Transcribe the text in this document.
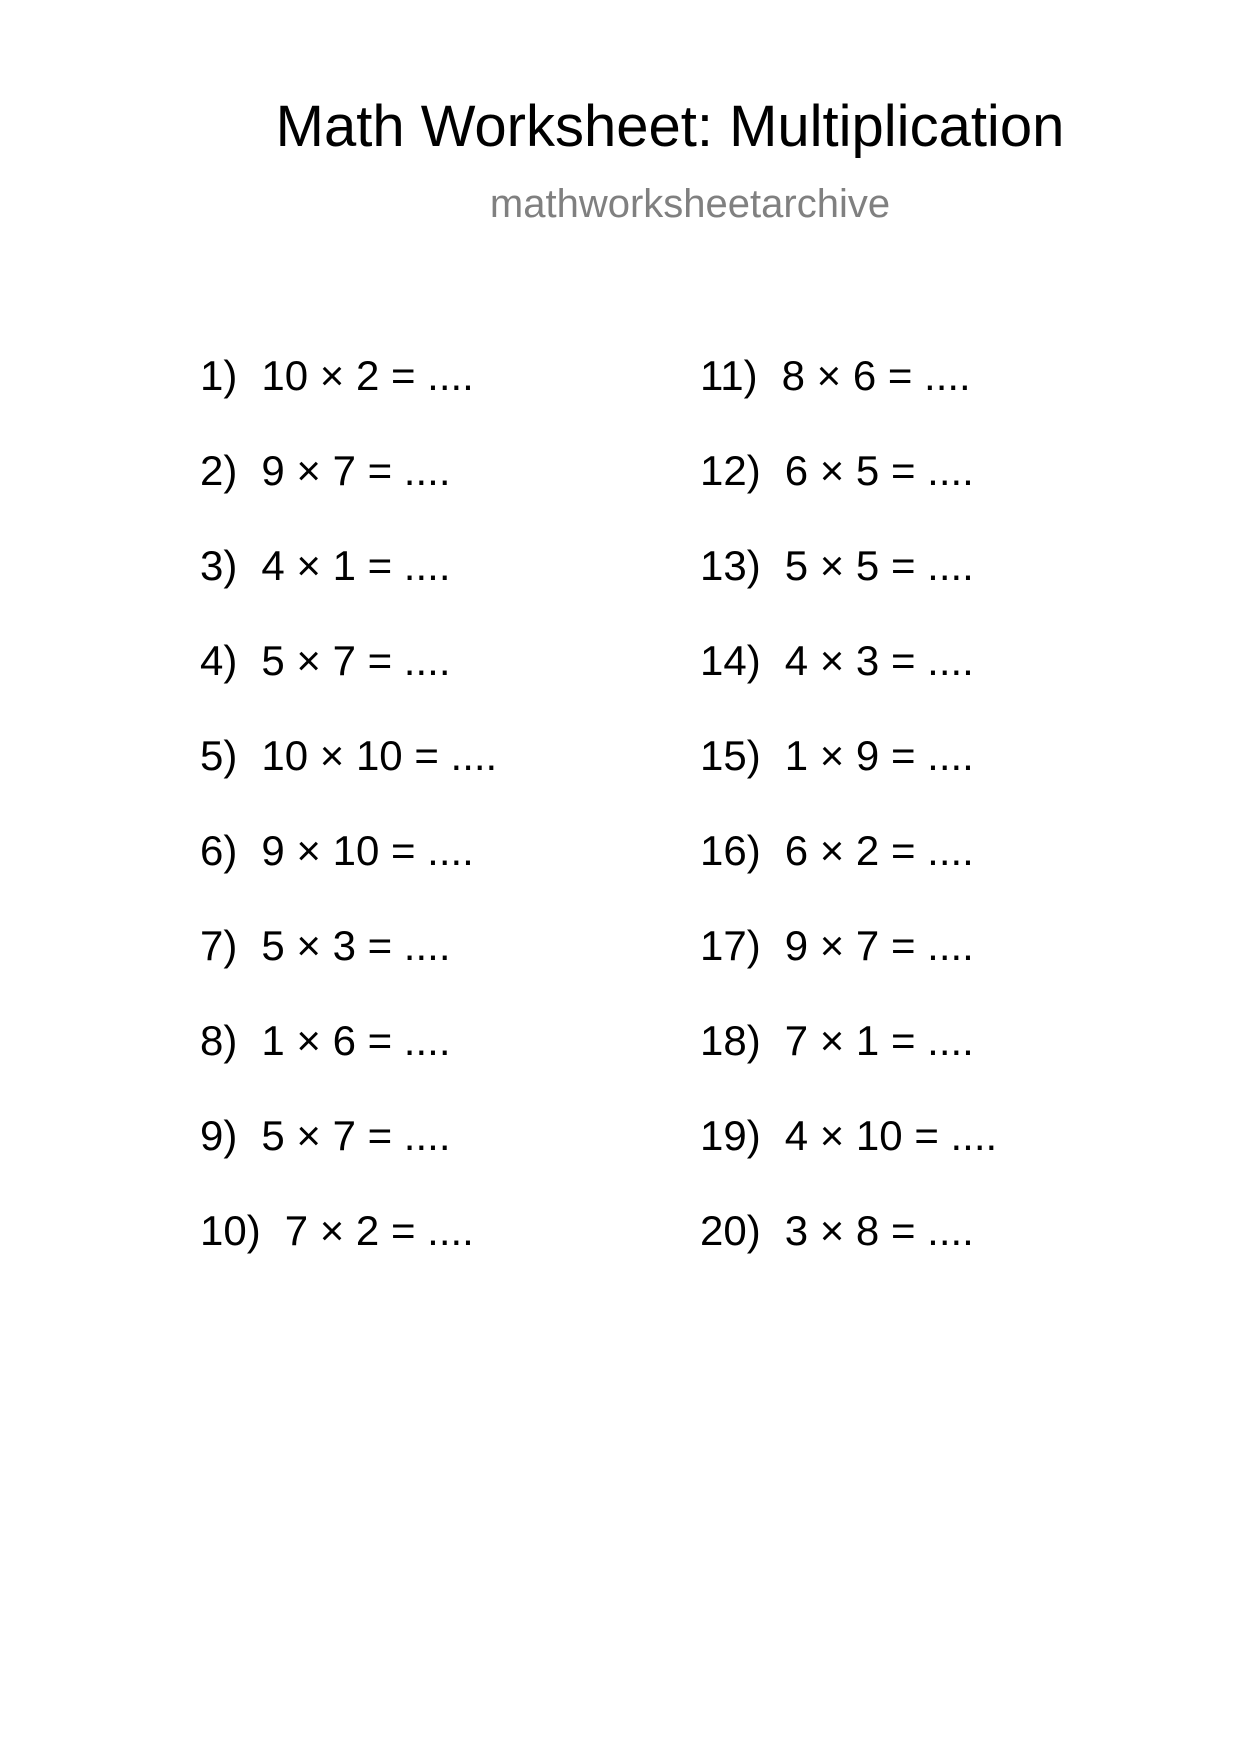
Math Worksheet: Multiplication
mathworksheetarchive
1) 10 × 2 = ....
2) 9 × 7 = ....
3) 4 × 1 = ....
4) 5 × 7 = ....
5) 10 × 10 = ....
6) 9 × 10 = ....
7) 5 × 3 = ....
8) 1 × 6 = ....
9) 5 × 7 = ....
10) 7 × 2 = ....
11) 8 × 6 = ....
12) 6 × 5 = ....
13) 5 × 5 = ....
14) 4 × 3 = ....
15) 1 × 9 = ....
16) 6 × 2 = ....
17) 9 × 7 = ....
18) 7 × 1 = ....
19) 4 × 10 = ....
20) 3 × 8 = ....
